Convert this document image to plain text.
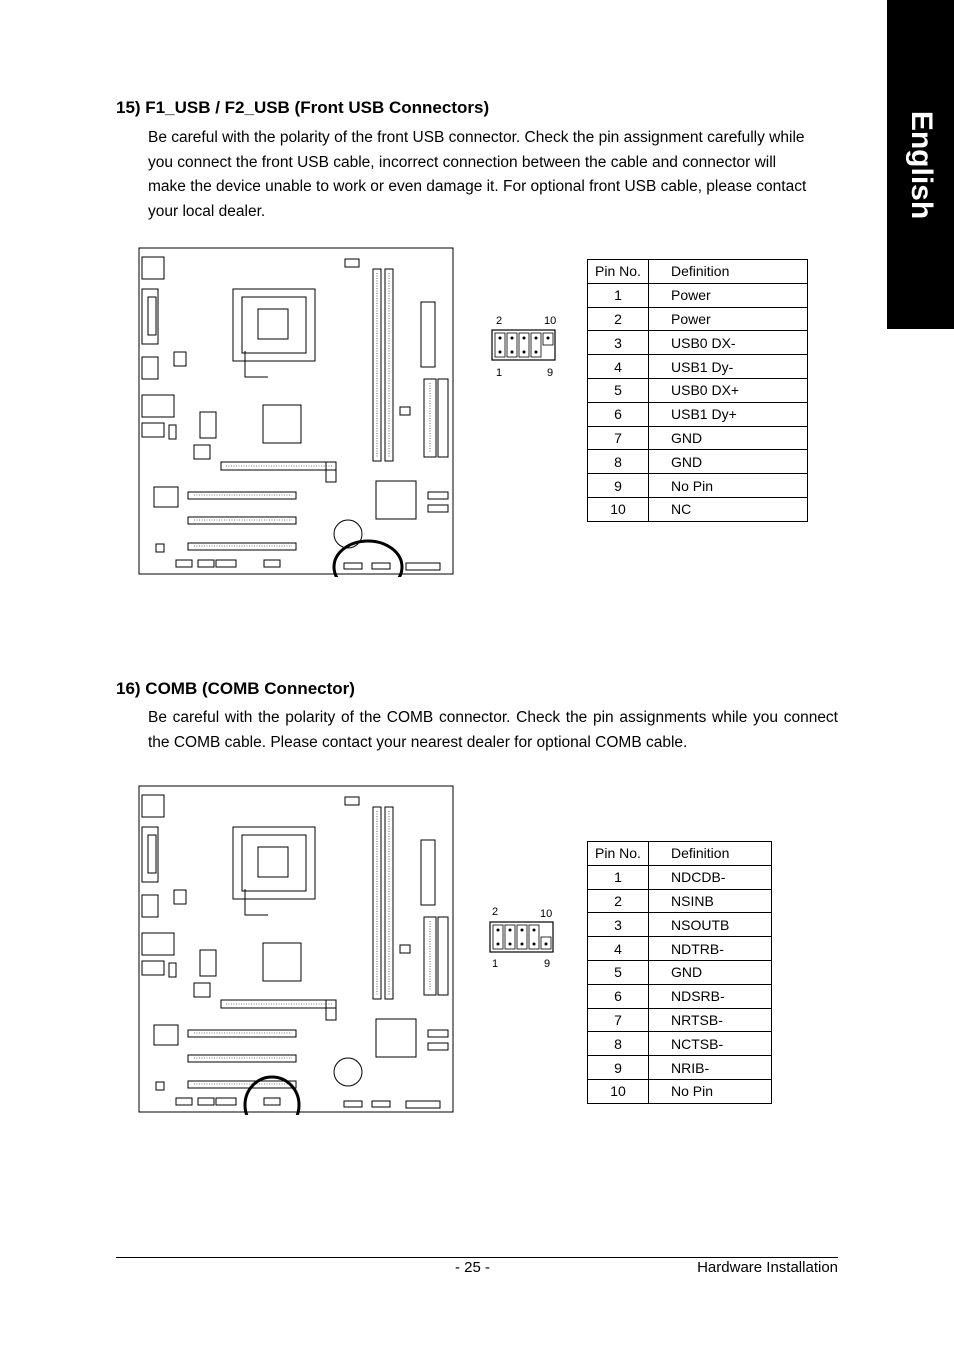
English
15) F1_USB / F2_USB (Front USB Connectors)

Be careful with the polarity of the front USB connector. Check the pin assignment carefully while you connect the front USB cable, incorrect connection between the cable and connector will make the device unable to work or even damage it. For optional front USB cable, please contact your local dealer.

2	10
1	9
Pin No.	Definition
1	Power
2	Power
3	USB0 DX-
4	USB1 Dy-
5	USB0 DX+
6	USB1 Dy+
7	GND
8	GND
9	No Pin
10	NC
16) COMB (COMB Connector)

Be careful with the polarity of the COMB connector. Check the pin assignments while you connect the COMB cable. Please contact your nearest dealer for optional COMB cable.

2	10
1	9
Pin No.	Definition
1	NDCDB-
2	NSINB
3	NSOUTB
4	NDTRB-
5	GND
6	NDSRB-
7	NRTSB-
8	NCTSB-
9	NRIB-
10	No Pin
- 25 -	Hardware Installation
